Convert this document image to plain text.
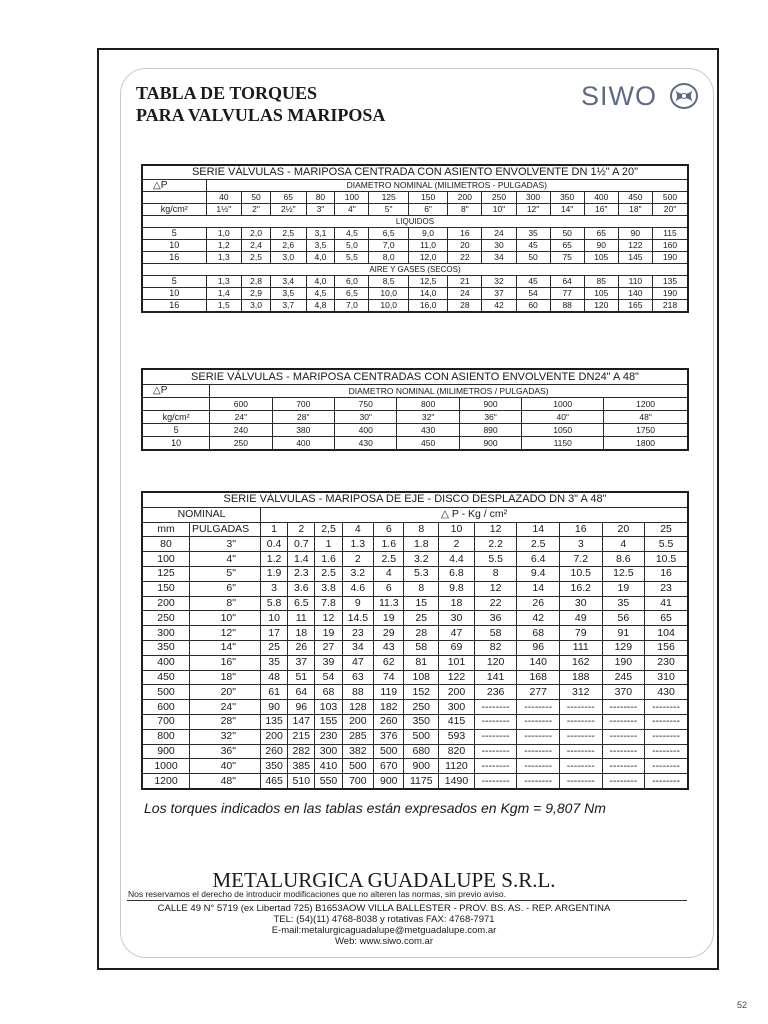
TABLA DE TORQUES
PARA VALVULAS MARIPOSA
SIWO
SERIE VÁLVULAS - MARIPOSA CENTRADA CON ASIENTO ENVOLVENTE DN 1½" A 20"														
△P	DIAMETRO NOMINAL (MILIMETROS - PULGADAS)													
	40	50	65	80	100	125	150	200	250	300	350	400	450	500
kg/cm²	1½"	2"	2½"	3"	4"	5"	6"	8"	10"	12"	14"	16"	18"	20"
LIQUIDOS														
5	1,0	2,0	2,5	3,1	4,5	6,5	9,0	16	24	35	50	65	90	115
10	1,2	2,4	2,6	3,5	5,0	7,0	11,0	20	30	45	65	90	122	160
16	1,3	2,5	3,0	4,0	5,5	8,0	12,0	22	34	50	75	105	145	190
AIRE Y GASES (SECOS)														
5	1,3	2,8	3,4	4,0	6,0	8,5	12,5	21	32	45	64	85	110	135
10	1,4	2,9	3,5	4,5	6,5	10,0	14,0	24	37	54	77	105	140	190
16	1,5	3,0	3,7	4,8	7,0	10,0	16,0	28	42	60	88	120	165	218
SERIE VÁLVULAS - MARIPOSA CENTRADAS CON ASIENTO ENVOLVENTE DN24" A 48"							
△P	DIAMETRO NOMINAL (MILIMETROS / PULGADAS)						
	600	700	750	800	900	1000	1200
kg/cm²	24"	28"	30"	32"	36"	40"	48"
5	240	380	400	430	890	1050	1750
10	250	400	430	450	900	1150	1800
SERIE VÁLVULAS - MARIPOSA DE EJE - DISCO DESPLAZADO DN 3" A 48"													
NOMINAL		△ P - Kg / cm²											
mm	PULGADAS	1	2	2,5	4	6	8	10	12	14	16	20	25
80	3"	0.4	0.7	1	1.3	1.6	1.8	2	2.2	2.5	3	4	5.5
100	4"	1.2	1.4	1.6	2	2.5	3.2	4.4	5.5	6.4	7.2	8.6	10.5
125	5"	1.9	2.3	2.5	3.2	4	5.3	6.8	8	9.4	10.5	12.5	16
150	6"	3	3.6	3.8	4.6	6	8	9.8	12	14	16.2	19	23
200	8"	5.8	6.5	7.8	9	11.3	15	18	22	26	30	35	41
250	10"	10	11	12	14.5	19	25	30	36	42	49	56	65
300	12"	17	18	19	23	29	28	47	58	68	79	91	104
350	14"	25	26	27	34	43	58	69	82	96	111	129	156
400	16"	35	37	39	47	62	81	101	120	140	162	190	230
450	18"	48	51	54	63	74	108	122	141	168	188	245	310
500	20"	61	64	68	88	119	152	200	236	277	312	370	430
600	24"	90	96	103	128	182	250	300	--------	--------	--------	--------	--------
700	28"	135	147	155	200	260	350	415	--------	--------	--------	--------	--------
800	32"	200	215	230	285	376	500	593	--------	--------	--------	--------	--------
900	36"	260	282	300	382	500	680	820	--------	--------	--------	--------	--------
1000	40"	350	385	410	500	670	900	1120	--------	--------	--------	--------	--------
1200	48"	465	510	550	700	900	1175	1490	--------	--------	--------	--------	--------

Los torques indicados en las tablas están expresados en Kgm = 9,807 Nm

METALURGICA GUADALUPE S.R.L.

Nos reservamos el derecho de introducir modificaciones que no alteren las normas, sin previo aviso.

CALLE 49 N° 5719 (ex Libertad 725) B1653AOW VILLA BALLESTER - PROV. BS. AS. - REP. ARGENTINA

TEL: (54)(11) 4768-8038 y rotativas FAX: 4768-7971

E-mail:metalurgicaguadalupe@metguadalupe.com.ar

Web: www.siwo.com.ar

52
